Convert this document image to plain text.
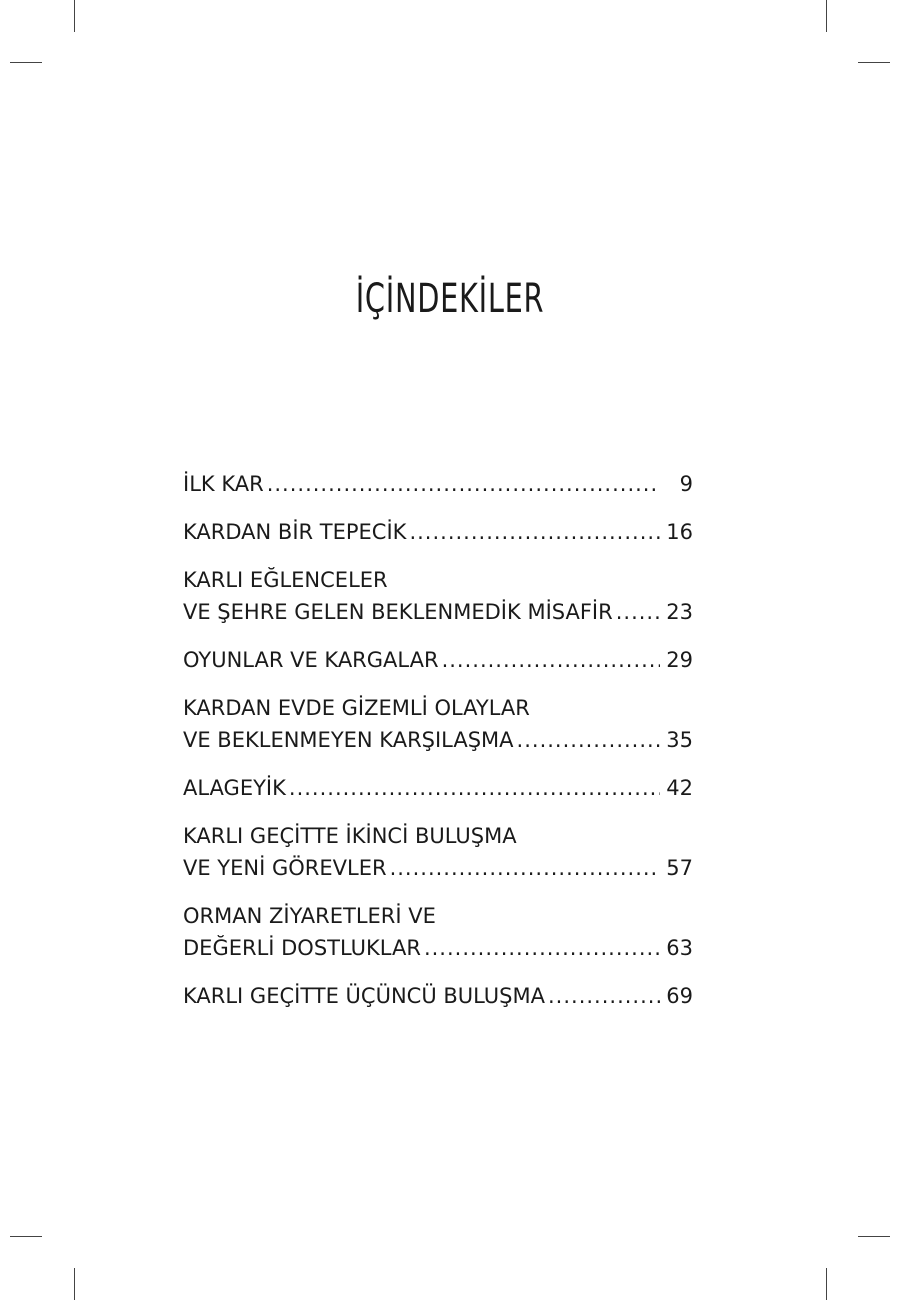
İÇİNDEKİLER
İLK KAR .....	9
KARDAN BİR TEPECİK .....	16
KARLI EĞLENCELER
VE ŞEHRE GELEN BEKLENMEDİK MİSAFİR .....	23
OYUNLAR VE KARGALAR .....	29
KARDAN EVDE GİZEMLİ OLAYLAR
VE BEKLENMEYEN KARŞILAŞMA .....	35
ALAGEYİK .....	42
KARLI GEÇİTTE İKİNCİ BULUŞMA
VE YENİ GÖREVLER .....	57
ORMAN ZİYARETLERİ VE
DEĞERLİ DOSTLUKLAR .....	63
KARLI GEÇİTTE ÜÇÜNCÜ BULUŞMA .....	69
